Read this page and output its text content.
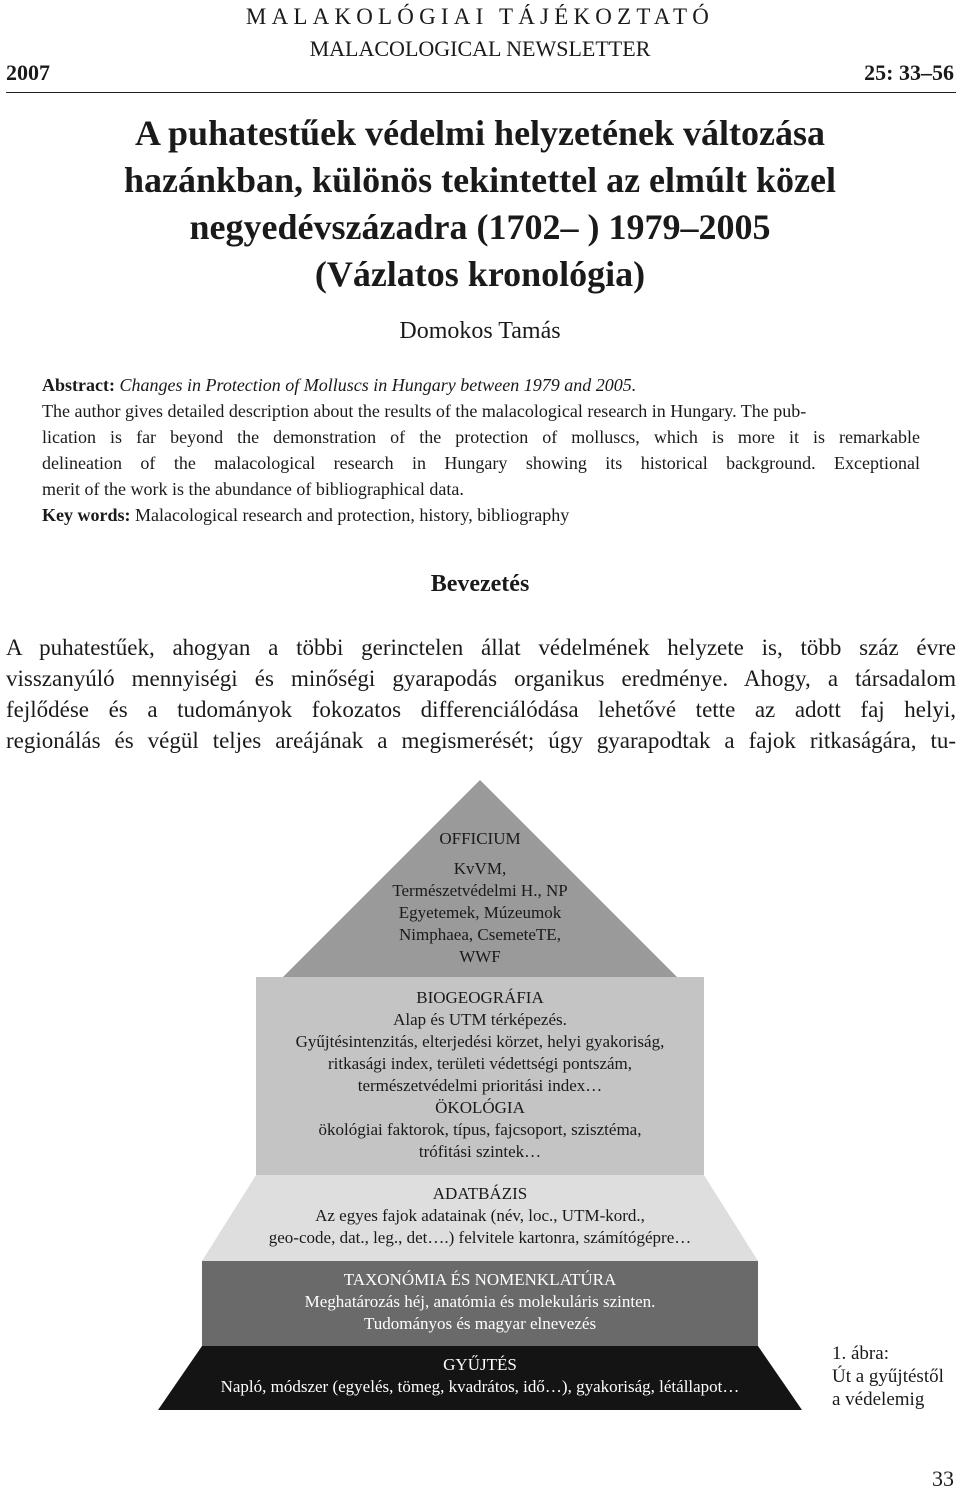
MALAKOLÓGIAI TÁJÉKOZTATÓ
MALACOLOGICAL NEWSLETTER
2007	25: 33–56
A puhatestűek védelmi helyzetének változása
hazánkban, különös tekintettel az elmúlt közel
negyedévszázadra (1702– ) 1979–2005
(Vázlatos kronológia)
Domokos Tamás

Abstract: Changes in Protection of Molluscs in Hungary between 1979 and 2005.

The author gives detailed description about the results of the malacological research in Hungary. The pub-

lication is far beyond the demonstration of the protection of molluscs, which is more it is remarkable

delineation of the malacological research in Hungary showing its historical background. Exceptional

merit of the work is the abundance of bibliographical data.

Key words: Malacological research and protection, history, bibliography

Bevezetés
A puhatestűek, ahogyan a többi gerinctelen állat védelmének helyzete is, több száz évre
visszanyúló mennyiségi és minőségi gyarapodás organikus eredménye. Ahogy, a társadalom
fejlődése és a tudományok fokozatos differenciálódása lehetővé tette az adott faj helyi,
regionálás és végül teljes areájának a megismerését; úgy gyarapodtak a fajok ritkaságára, tu-
OFFICIUM
KvVM,
Természetvédelmi H., NP
Egyetemek, Múzeumok
Nimphaea, CsemeteTE,
WWF
BIOGEOGRÁFIA
Alap és UTM térképezés.
Gyűjtésintenzitás, elterjedési körzet, helyi gyakoriság,
ritkasági index, területi védettségi pontszám,
természetvédelmi prioritási index…
ÖKOLÓGIA
ökológiai faktorok, típus, fajcsoport, szisztéma,
trófitási szintek…
ADATBÁZIS
Az egyes fajok adatainak (név, loc., UTM-kord.,
geo-code, dat., leg., det….) felvitele kartonra, számítógépre…
TAXONÓMIA ÉS NOMENKLATÚRA
Meghatározás héj, anatómia és molekuláris szinten.
Tudományos és magyar elnevezés
GYŰJTÉS
Napló, módszer (egyelés, tömeg, kvadrátos, idő…), gyakoriság, létállapot…
1. ábra:
Út a gyűjtéstől
a védelemig
33
